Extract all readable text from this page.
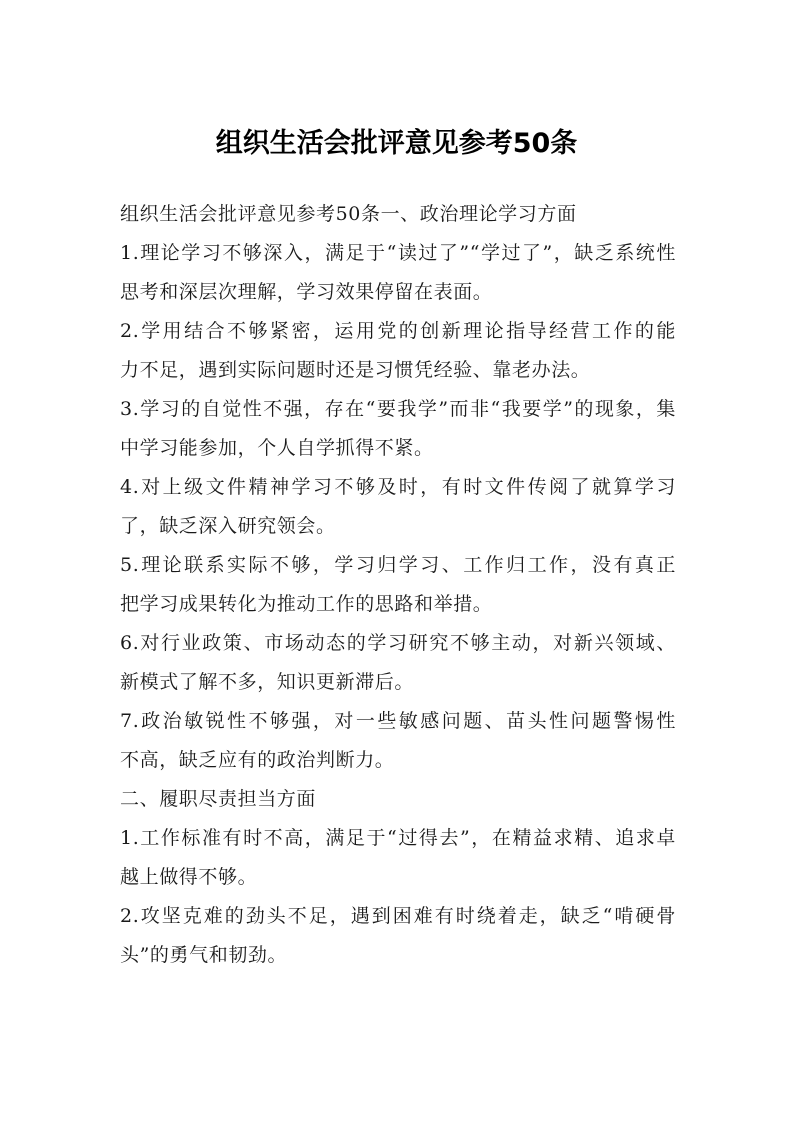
组织生活会批评意见参考50条
组织生活会批评意见参考50条一、政治理论学习方面
1.理论学习不够深入，满足于“读过了”“学过了”，缺乏系统性
思考和深层次理解，学习效果停留在表面。
2.学用结合不够紧密，运用党的创新理论指导经营工作的能
力不足，遇到实际问题时还是习惯凭经验、靠老办法。
3.学习的自觉性不强，存在“要我学”而非“我要学”的现象，集
中学习能参加，个人自学抓得不紧。
4.对上级文件精神学习不够及时，有时文件传阅了就算学习
了，缺乏深入研究领会。
5.理论联系实际不够，学习归学习、工作归工作，没有真正
把学习成果转化为推动工作的思路和举措。
6.对行业政策、市场动态的学习研究不够主动，对新兴领域、
新模式了解不多，知识更新滞后。
7.政治敏锐性不够强，对一些敏感问题、苗头性问题警惕性
不高，缺乏应有的政治判断力。
二、履职尽责担当方面
1.工作标准有时不高，满足于“过得去”，在精益求精、追求卓
越上做得不够。
2.攻坚克难的劲头不足，遇到困难有时绕着走，缺乏“啃硬骨
头”的勇气和韧劲。
